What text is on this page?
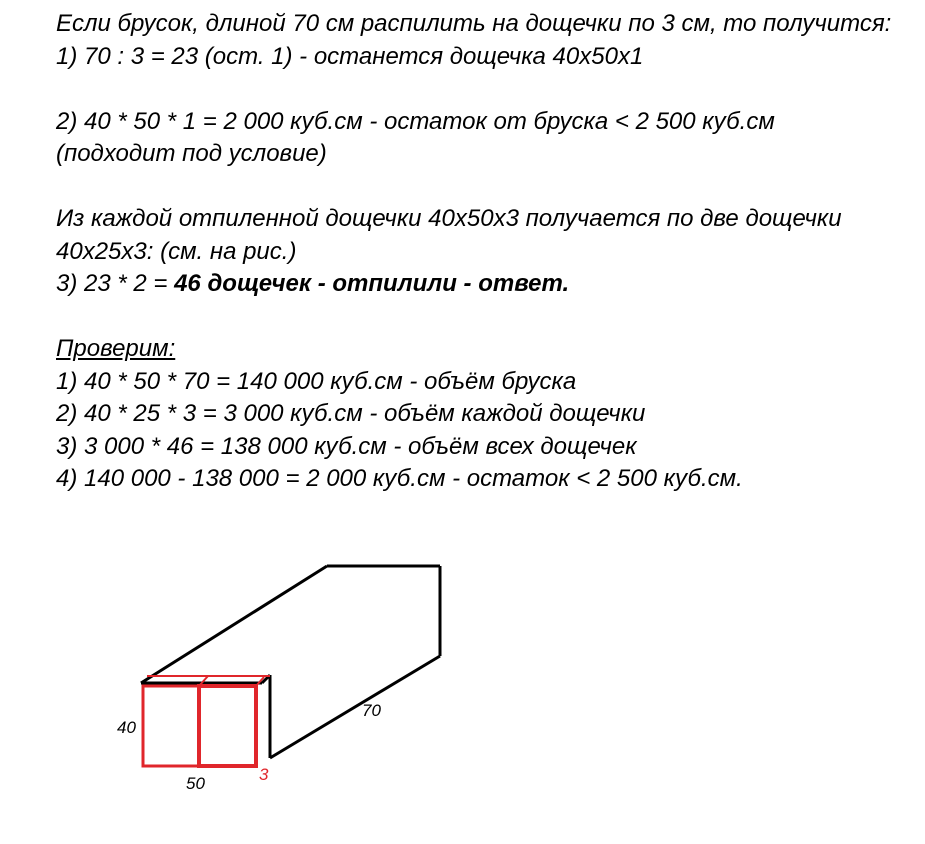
Если брусок, длиной 70 см распилить на дощечки по 3 см, то получится:
1) 70 : 3 = 23 (ост. 1) - останется дощечка 40х50х1
2) 40 * 50 * 1 = 2 000 куб.см - остаток от бруска < 2 500 куб.см
(подходит под условие)
Из каждой отпиленной дощечки 40х50х3 получается по две дощечки
40х25х3: (см. на рис.)
3) 23 * 2 = 46 дощечек - отпилили - ответ.
Проверим:
1) 40 * 50 * 70 = 140 000 куб.см - объём бруска
2) 40 * 25 * 3 = 3 000 куб.см - объём каждой дощечки
3) 3 000 * 46 = 138 000 куб.см - объём всех дощечек
4) 140 000 - 138 000 = 2 000 куб.см - остаток < 2 500 куб.см.
40
50
70
3
